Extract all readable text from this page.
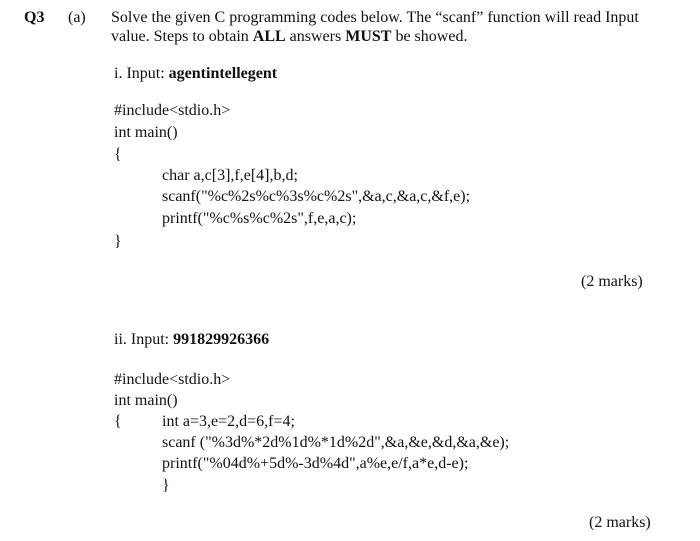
Q3 (a) Solve the given C programming codes below. The “scanf” function will read Input
value. Steps to obtain ALL answers MUST be showed.
i. Input: agentintellegent
#include<stdio.h>
int main()
{
char a,c[3],f,e[4],b,d;
scanf("%c%2s%c%3s%c%2s",&a,c,&a,c,&f,e);
printf("%c%s%c%2s",f,e,a,c);
}
(2 marks)
ii. Input: 991829926366
#include<stdio.h>
int main()
{	int a=3,e=2,d=6,f=4;
scanf ("%3d%*2d%1d%*1d%2d",&a,&e,&d,&a,&e);
printf("%04d%+5d%-3d%4d",a%e,e/f,a*e,d-e);
}
(2 marks)
